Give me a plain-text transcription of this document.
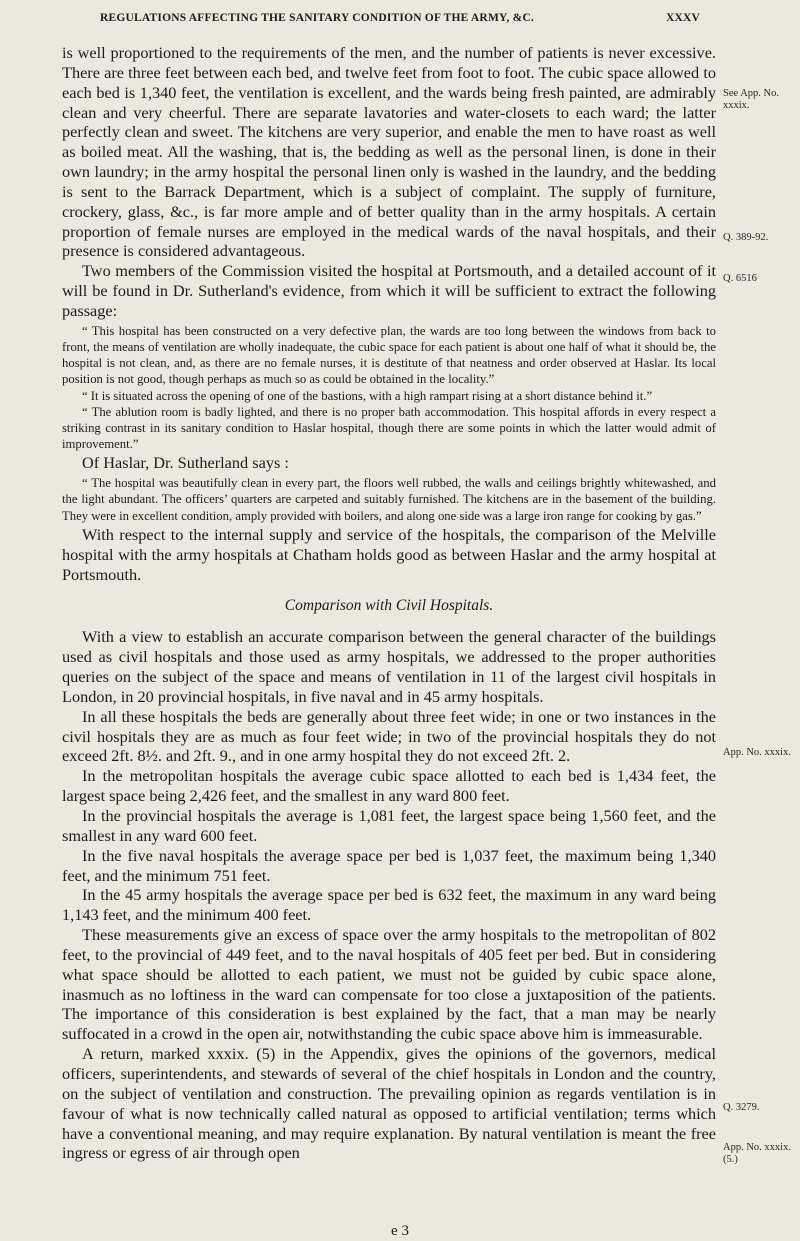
REGULATIONS AFFECTING THE SANITARY CONDITION OF THE ARMY, &C.	XXXV

is well proportioned to the requirements of the men, and the number of patients is never excessive. There are three feet between each bed, and twelve feet from foot to foot. The cubic space allowed to each bed is 1,340 feet, the ventilation is excellent, and the wards being fresh painted, are admirably clean and very cheerful. There are separate lavatories and water-closets to each ward; the latter perfectly clean and sweet. The kitchens are very superior, and enable the men to have roast as well as boiled meat. All the washing, that is, the bedding as well as the personal linen, is done in their own laundry; in the army hospital the personal linen only is washed in the laundry, and the bedding is sent to the Barrack Department, which is a subject of complaint. The supply of furniture, crockery, glass, &c., is far more ample and of better quality than in the army hospitals. A certain proportion of female nurses are employed in the medical wards of the naval hospitals, and their presence is considered advantageous.

Two members of the Commission visited the hospital at Portsmouth, and a detailed account of it will be found in Dr. Sutherland's evidence, from which it will be sufficient to extract the following passage:

“ This hospital has been constructed on a very defective plan, the wards are too long between the windows from back to front, the means of ventilation are wholly inadequate, the cubic space for each patient is about one half of what it should be, the hospital is not clean, and, as there are no female nurses, it is destitute of that neatness and order observed at Haslar. Its local position is not good, though perhaps as much so as could be obtained in the locality.”

“ It is situated across the opening of one of the bastions, with a high rampart rising at a short distance behind it.”

“ The ablution room is badly lighted, and there is no proper bath accommodation. This hospital affords in every respect a striking contrast in its sanitary condition to Haslar hospital, though there are some points in which the latter would admit of improvement.”

Of Haslar, Dr. Sutherland says :

“ The hospital was beautifully clean in every part, the floors well rubbed, the walls and ceilings brightly whitewashed, and the light abundant. The officers’ quarters are carpeted and suitably furnished. The kitchens are in the basement of the building. They were in excellent condition, amply provided with boilers, and along one side was a large iron range for cooking by gas.”

With respect to the internal supply and service of the hospitals, the comparison of the Melville hospital with the army hospitals at Chatham holds good as between Haslar and the army hospital at Portsmouth.

Comparison with Civil Hospitals.

With a view to establish an accurate comparison between the general character of the buildings used as civil hospitals and those used as army hospitals, we addressed to the proper authorities queries on the subject of the space and means of ventilation in 11 of the largest civil hospitals in London, in 20 provincial hospitals, in five naval and in 45 army hospitals.

In all these hospitals the beds are generally about three feet wide; in one or two instances in the civil hospitals they are as much as four feet wide; in two of the provincial hospitals they do not exceed 2ft. 8½. and 2ft. 9., and in one army hospital they do not exceed 2ft. 2.

In the metropolitan hospitals the average cubic space allotted to each bed is 1,434 feet, the largest space being 2,426 feet, and the smallest in any ward 800 feet.

In the provincial hospitals the average is 1,081 feet, the largest space being 1,560 feet, and the smallest in any ward 600 feet.

In the five naval hospitals the average space per bed is 1,037 feet, the maximum being 1,340 feet, and the minimum 751 feet.

In the 45 army hospitals the average space per bed is 632 feet, the maximum in any ward being 1,143 feet, and the minimum 400 feet.

These measurements give an excess of space over the army hospitals to the metropolitan of 802 feet, to the provincial of 449 feet, and to the naval hospitals of 405 feet per bed. But in considering what space should be allotted to each patient, we must not be guided by cubic space alone, inasmuch as no loftiness in the ward can compensate for too close a juxtaposition of the patients. The importance of this consideration is best explained by the fact, that a man may be nearly suffocated in a crowd in the open air, notwithstanding the cubic space above him is immeasurable.

A return, marked xxxix. (5) in the Appendix, gives the opinions of the governors, medical officers, superintendents, and stewards of several of the chief hospitals in London and the country, on the subject of ventilation and construction. The prevailing opinion as regards ventilation is in favour of what is now technically called natural as opposed to artificial ventilation; terms which have a conventional meaning, and may require explanation. By natural ventilation is meant the free ingress or egress of air through open

See App. No. xxxix.
Q. 389-92.
Q. 6516
App. No. xxxix.
Q. 3279.
App. No. xxxix. (5.)
e 3
